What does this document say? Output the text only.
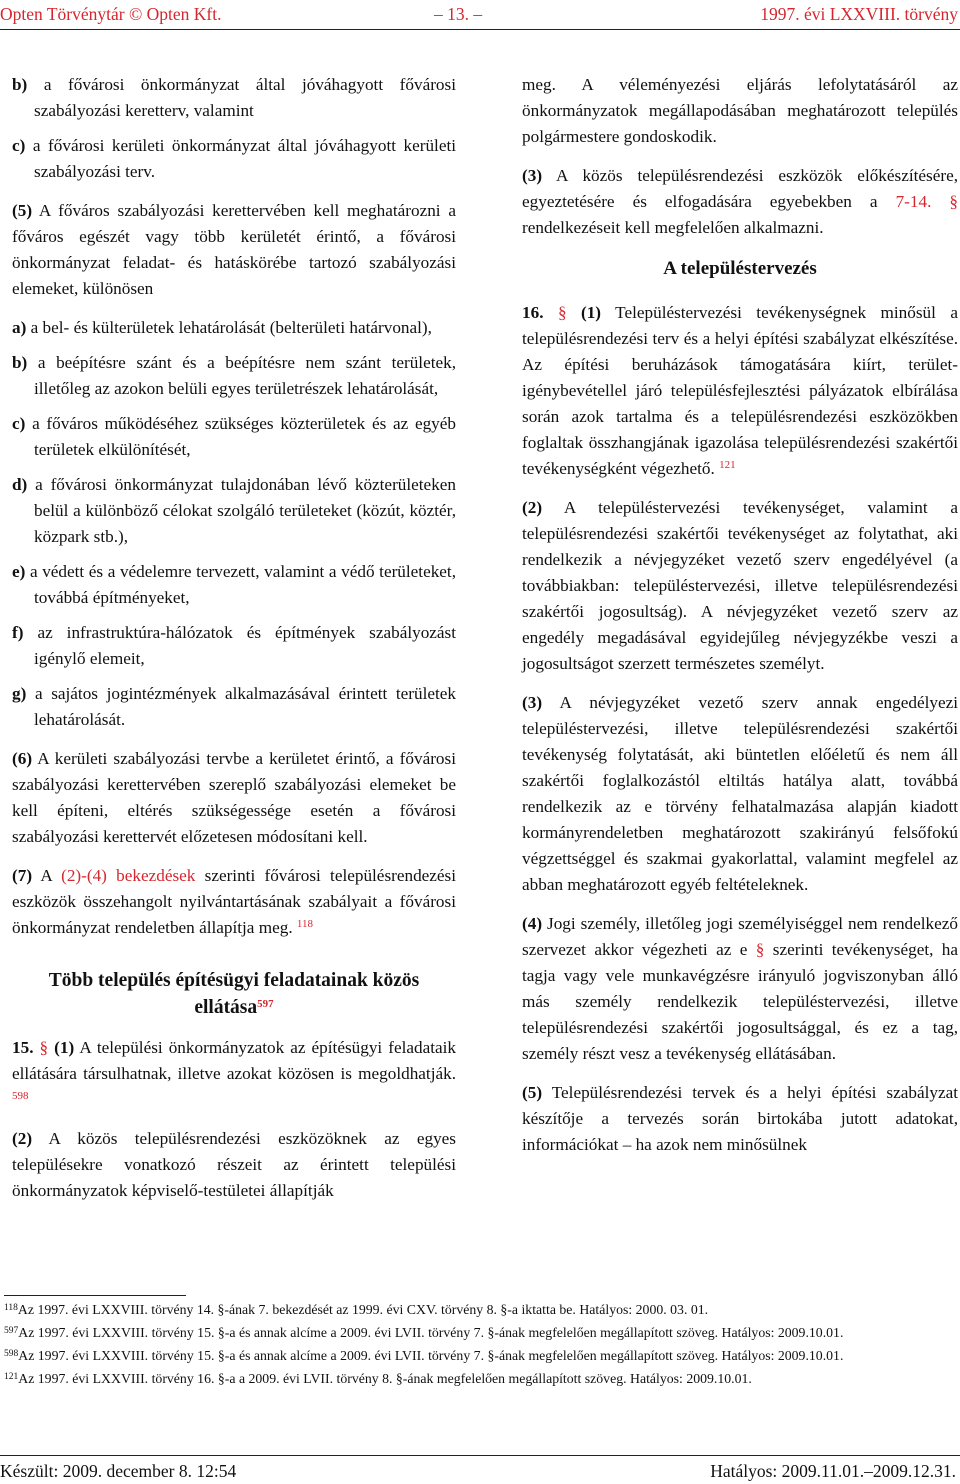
Opten Törvénytár © Opten Kft.	– 13. –	1997. évi LXXVIII. törvény

b) a fővárosi önkormányzat által jóváhagyott fővárosi szabályozási keretterv, valamint

c) a fővárosi kerületi önkormányzat által jóváhagyott kerületi szabályozási terv.

(5) A főváros szabályozási kerettervében kell meghatározni a főváros egészét vagy több kerületét érintő, a fővárosi önkormányzat feladat- és hatáskörébe tartozó szabályozási elemeket, különösen

a) a bel- és külterületek lehatárolását (belterületi határvonal),

b) a beépítésre szánt és a beépítésre nem szánt területek, illetőleg az azokon belüli egyes területrészek lehatárolását,

c) a főváros működéséhez szükséges közterületek és az egyéb területek elkülönítését,

d) a fővárosi önkormányzat tulajdonában lévő közterületeken belül a különböző célokat szolgáló területeket (közút, köztér, közpark stb.),

e) a védett és a védelemre tervezett, valamint a védő területeket, továbbá építményeket,

f) az infrastruktúra-hálózatok és építmények szabályozást igénylő elemeit,

g) a sajátos jogintézmények alkalmazásával érintett területek lehatárolását.

(6) A kerületi szabályozási tervbe a kerületet érintő, a fővárosi szabályozási kerettervében szereplő szabályozási elemeket be kell építeni, eltérés szükségessége esetén a fővárosi szabályozási kerettervét előzetesen módosítani kell.

(7) A (2)-(4) bekezdések szerinti fővárosi településrendezési eszközök összehangolt nyilvántartásának szabályait a fővárosi önkormányzat rendeletben állapítja meg. $^{118}$

Több település építésügyi feladatainak közös ellátása$^{597}$

15. § (1) A települési önkormányzatok az építésügyi feladataik ellátására társulhatnak, illetve azokat közösen is megoldhatják. $^{598}$

(2) A közös településrendezési eszközöknek az egyes településekre vonatkozó részeit az érintett települési önkormányzatok képviselő-testületei állapítják

meg. A véleményezési eljárás lefolytatásáról az önkormányzatok megállapodásában meghatározott település polgármestere gondoskodik.

(3) A közös településrendezési eszközök előkészítésére, egyeztetésére és elfogadására egyebekben a 7-14. § rendelkezéseit kell megfelelően alkalmazni.

A településtervezés

16. § (1) Településtervezési tevékenységnek minősül a településrendezési terv és a helyi építési szabályzat elkészítése. Az építési beruházások támogatására kiírt, terület-igénybevétellel járó településfejlesztési pályázatok elbírálása során azok tartalma és a településrendezési eszközökben foglaltak összhangjának igazolása településrendezési szakértői tevékenységként végezhető. $^{121}$

(2) A településtervezési tevékenységet, valamint a településrendezési szakértői tevékenységet az folytathat, aki rendelkezik a névjegyzéket vezető szerv engedélyével (a továbbiakban: településtervezési, illetve településrendezési szakértői jogosultság). A névjegyzéket vezető szerv az engedély megadásával egyidejűleg névjegyzékbe veszi a jogosultságot szerzett természetes személyt.

(3) A névjegyzéket vezető szerv annak engedélyezi településtervezési, illetve településrendezési szakértői tevékenység folytatását, aki büntetlen előéletű és nem áll szakértői foglalkozástól eltiltás hatálya alatt, továbbá rendelkezik az e törvény felhatalmazása alapján kiadott kormányrendeletben meghatározott szakirányú felsőfokú végzettséggel és szakmai gyakorlattal, valamint megfelel az abban meghatározott egyéb feltételeknek.

(4) Jogi személy, illetőleg jogi személyiséggel nem rendelkező szervezet akkor végezheti az e § szerinti tevékenységet, ha tagja vagy vele munkavégzésre irányuló jogviszonyban álló más személy rendelkezik településtervezési, illetve településrendezési szakértői jogosultsággal, és ez a tag, személy részt vesz a tevékenység ellátásában.

(5) Településrendezési tervek és a helyi építési szabályzat készítője a tervezés során birtokába jutott adatokat, információkat – ha azok nem minősülnek

$^{118}$Az 1997. évi LXXVIII. törvény 14. §-ának 7. bekezdését az 1999. évi CXV. törvény 8. §-a iktatta be. Hatályos: 2000. 03. 01.
$^{597}$Az 1997. évi LXXVIII. törvény 15. §-a és annak alcíme a 2009. évi LVII. törvény 7. §-ának megfelelően megállapított szöveg. Hatályos: 2009.10.01.
$^{598}$Az 1997. évi LXXVIII. törvény 15. §-a és annak alcíme a 2009. évi LVII. törvény 7. §-ának megfelelően megállapított szöveg. Hatályos: 2009.10.01.
$^{121}$Az 1997. évi LXXVIII. törvény 16. §-a a 2009. évi LVII. törvény 8. §-ának megfelelően megállapított szöveg. Hatályos: 2009.10.01.
Készült: 2009. december 8. 12:54	Hatályos: 2009.11.01.–2009.12.31.
